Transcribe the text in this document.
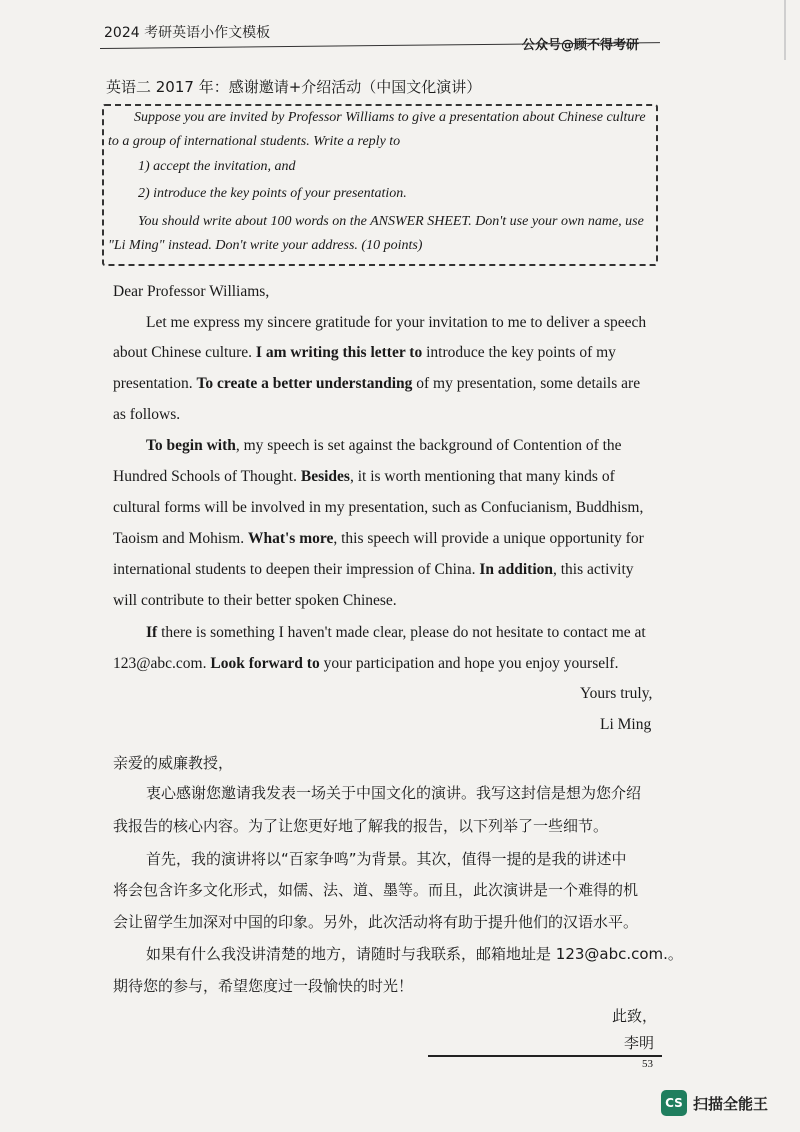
2024 考研英语小作文模板
公众号@顾不得考研
英语二 2017 年：感谢邀请+介绍活动（中国文化演讲）
Suppose you are invited by Professor Williams to give a presentation about Chinese culture
to a group of international students. Write a reply to
1) accept the invitation, and
2) introduce the key points of your presentation.
You should write about 100 words on the ANSWER SHEET. Don't use your own name, use
"Li Ming" instead. Don't write your address. (10 points)
Dear Professor Williams,
Let me express my sincere gratitude for your invitation to me to deliver a speech
about Chinese culture. I am writing this letter to introduce the key points of my
presentation. To create a better understanding of my presentation, some details are
as follows.
To begin with, my speech is set against the background of Contention of the
Hundred Schools of Thought. Besides, it is worth mentioning that many kinds of
cultural forms will be involved in my presentation, such as Confucianism, Buddhism,
Taoism and Mohism. What's more, this speech will provide a unique opportunity for
international students to deepen their impression of China. In addition, this activity
will contribute to their better spoken Chinese.
If there is something I haven't made clear, please do not hesitate to contact me at
123@abc.com. Look forward to your participation and hope you enjoy yourself.
Yours truly,
Li Ming
亲爱的威廉教授，
衷心感谢您邀请我发表一场关于中国文化的演讲。我写这封信是想为您介绍
我报告的核心内容。为了让您更好地了解我的报告，以下列举了一些细节。
首先，我的演讲将以“百家争鸣”为背景。其次，值得一提的是我的讲述中
将会包含许多文化形式，如儒、法、道、墨等。而且，此次演讲是一个难得的机
会让留学生加深对中国的印象。另外，此次活动将有助于提升他们的汉语水平。
如果有什么我没讲清楚的地方，请随时与我联系，邮箱地址是 123@abc.com.。
期待您的参与，希望您度过一段愉快的时光！
此致，
李明
53
CS 扫描全能王
